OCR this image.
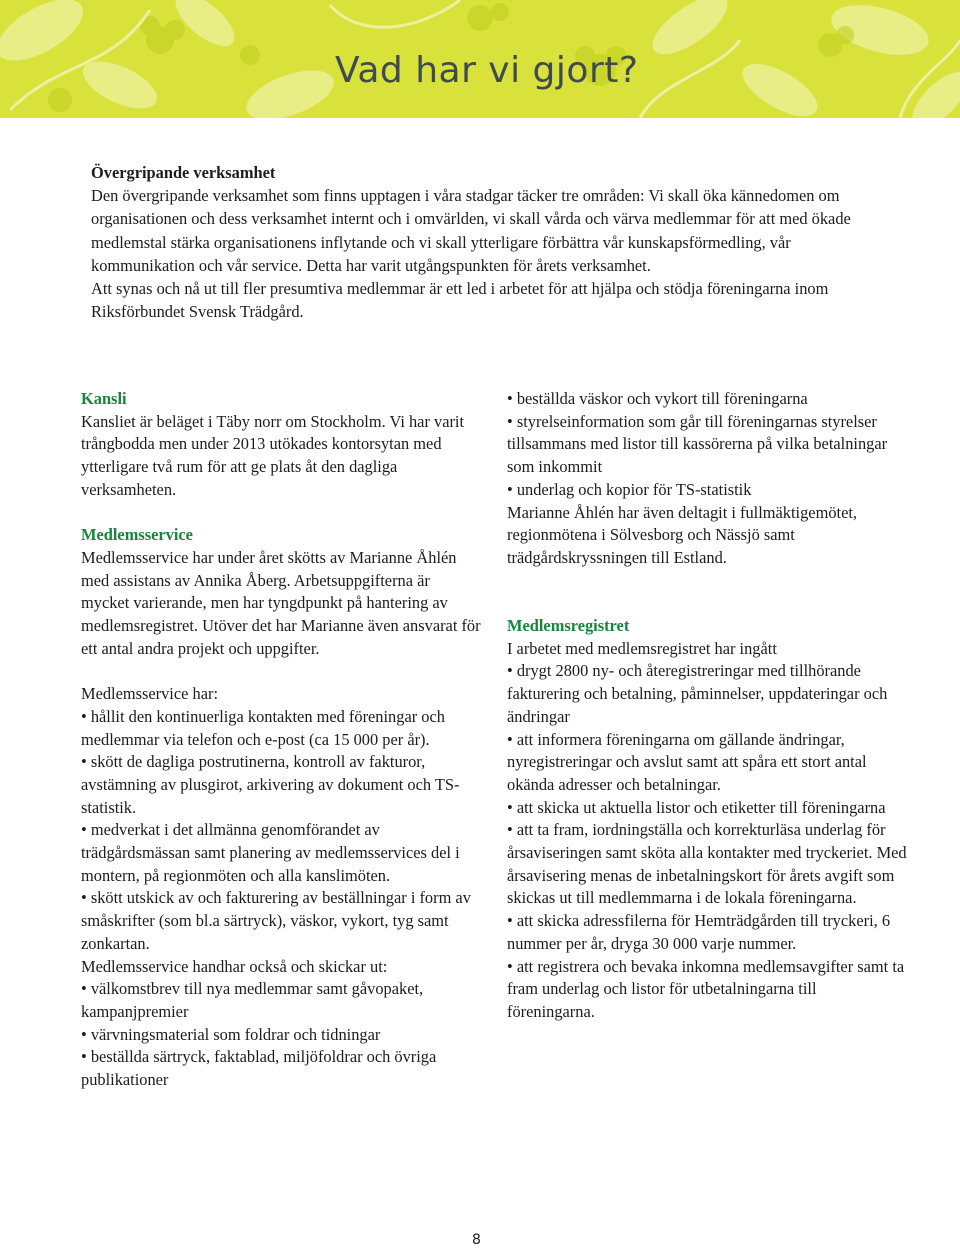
Vad har vi gjort?

Övergripande verksamhet

Den övergripande verksamhet som finns upptagen i våra stadgar täcker tre områden: Vi skall öka kännedomen om organisationen och dess verksamhet internt och i omvärlden, vi skall vårda och värva medlemmar för att med ökade medlemstal stärka organisationens inflytande och vi skall ytterligare förbättra vår kunskapsförmedling, vår kommunikation och vår service. Detta har varit utgångspunkten för årets verksamhet.

Att synas och nå ut till fler presumtiva medlemmar är ett led i arbetet för att hjälpa och stödja föreningarna inom Riksförbundet Svensk Trädgård.

Kansli

Kansliet är beläget i Täby norr om Stockholm. Vi har varit trångbodda men under 2013 utökades kontorsytan med ytterligare två rum för att ge plats åt den dagliga verksamheten.

Medlemsservice

Medlemsservice har under året skötts av Marianne Åhlén med assistans av Annika Åberg. Arbetsuppgifterna är mycket varierande, men har tyngdpunkt på hantering av medlemsregistret. Utöver det har Marianne även ansvarat för ett antal andra projekt och uppgifter.

Medlemsservice har:

• hållit den kontinuerliga kontakten med föreningar och medlemmar via telefon och e-post (ca 15 000 per år).

• skött de dagliga postrutinerna, kontroll av fakturor, avstämning av plusgirot, arkivering av dokument och TS-statistik.

• medverkat i det allmänna genomförandet av trädgårdsmässan samt planering av medlemsservices del i montern, på regionmöten och alla kanslimöten.

• skött utskick av och fakturering av beställningar i form av småskrifter (som bl.a särtryck), väskor, vykort, tyg samt zonkartan.

Medlemsservice handhar också och skickar ut:

• välkomstbrev till nya medlemmar samt gåvopaket, kampanjpremier

• värvningsmaterial som foldrar och tidningar

• beställda särtryck, faktablad, miljöfoldrar och övriga publikationer

• beställda väskor och vykort till föreningarna

• styrelseinformation som går till föreningarnas styrelser tillsammans med listor till kassörerna på vilka betalningar som inkommit

• underlag och kopior för TS-statistik

Marianne Åhlén har även deltagit i fullmäktigemötet, regionmötena i Sölvesborg och Nässjö samt trädgårdskryssningen till Estland.

Medlemsregistret

I arbetet med medlemsregistret har ingått

• drygt 2800 ny- och återegistreringar med tillhörande fakturering och betalning, påminnelser, uppdateringar och ändringar

• att informera föreningarna om gällande ändringar, nyregistreringar och avslut samt att spåra ett stort antal okända adresser och betalningar.

• att skicka ut aktuella listor och etiketter till föreningarna

• att ta fram, iordningställa och korrekturläsa underlag för årsaviseringen samt sköta alla kontakter med tryckeriet. Med årsavisering menas de inbetalningskort för årets avgift som skickas ut till medlemmarna i de lokala föreningarna.

• att skicka adressfilerna för Hemträdgården till tryckeri, 6 nummer per år, dryga 30 000 varje nummer.

• att registrera och bevaka inkomna medlemsavgifter samt ta fram underlag och listor för utbetalningarna till föreningarna.

8
